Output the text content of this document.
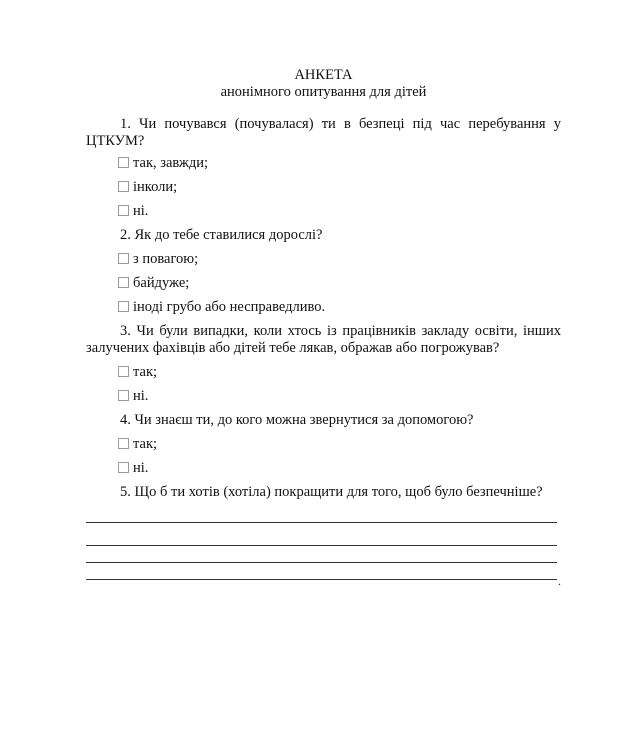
АНКЕТА
анонімного опитування для дітей
1. Чи почувався (почувалася) ти в безпеці під час перебування у ЦТКУМ?
так, завжди;
інколи;
ні.
2. Як до тебе ставилися дорослі?
з повагою;
байдуже;
іноді грубо або несправедливо.
3. Чи були випадки, коли хтось із працівників закладу освіти, інших залучених фахівців або дітей тебе лякав, ображав або погрожував?
так;
ні.
4. Чи знаєш ти, до кого можна звернутися за допомогою?
так;
ні.
5. Що б ти хотів (хотіла) покращити для того, щоб було безпечніше?
.
